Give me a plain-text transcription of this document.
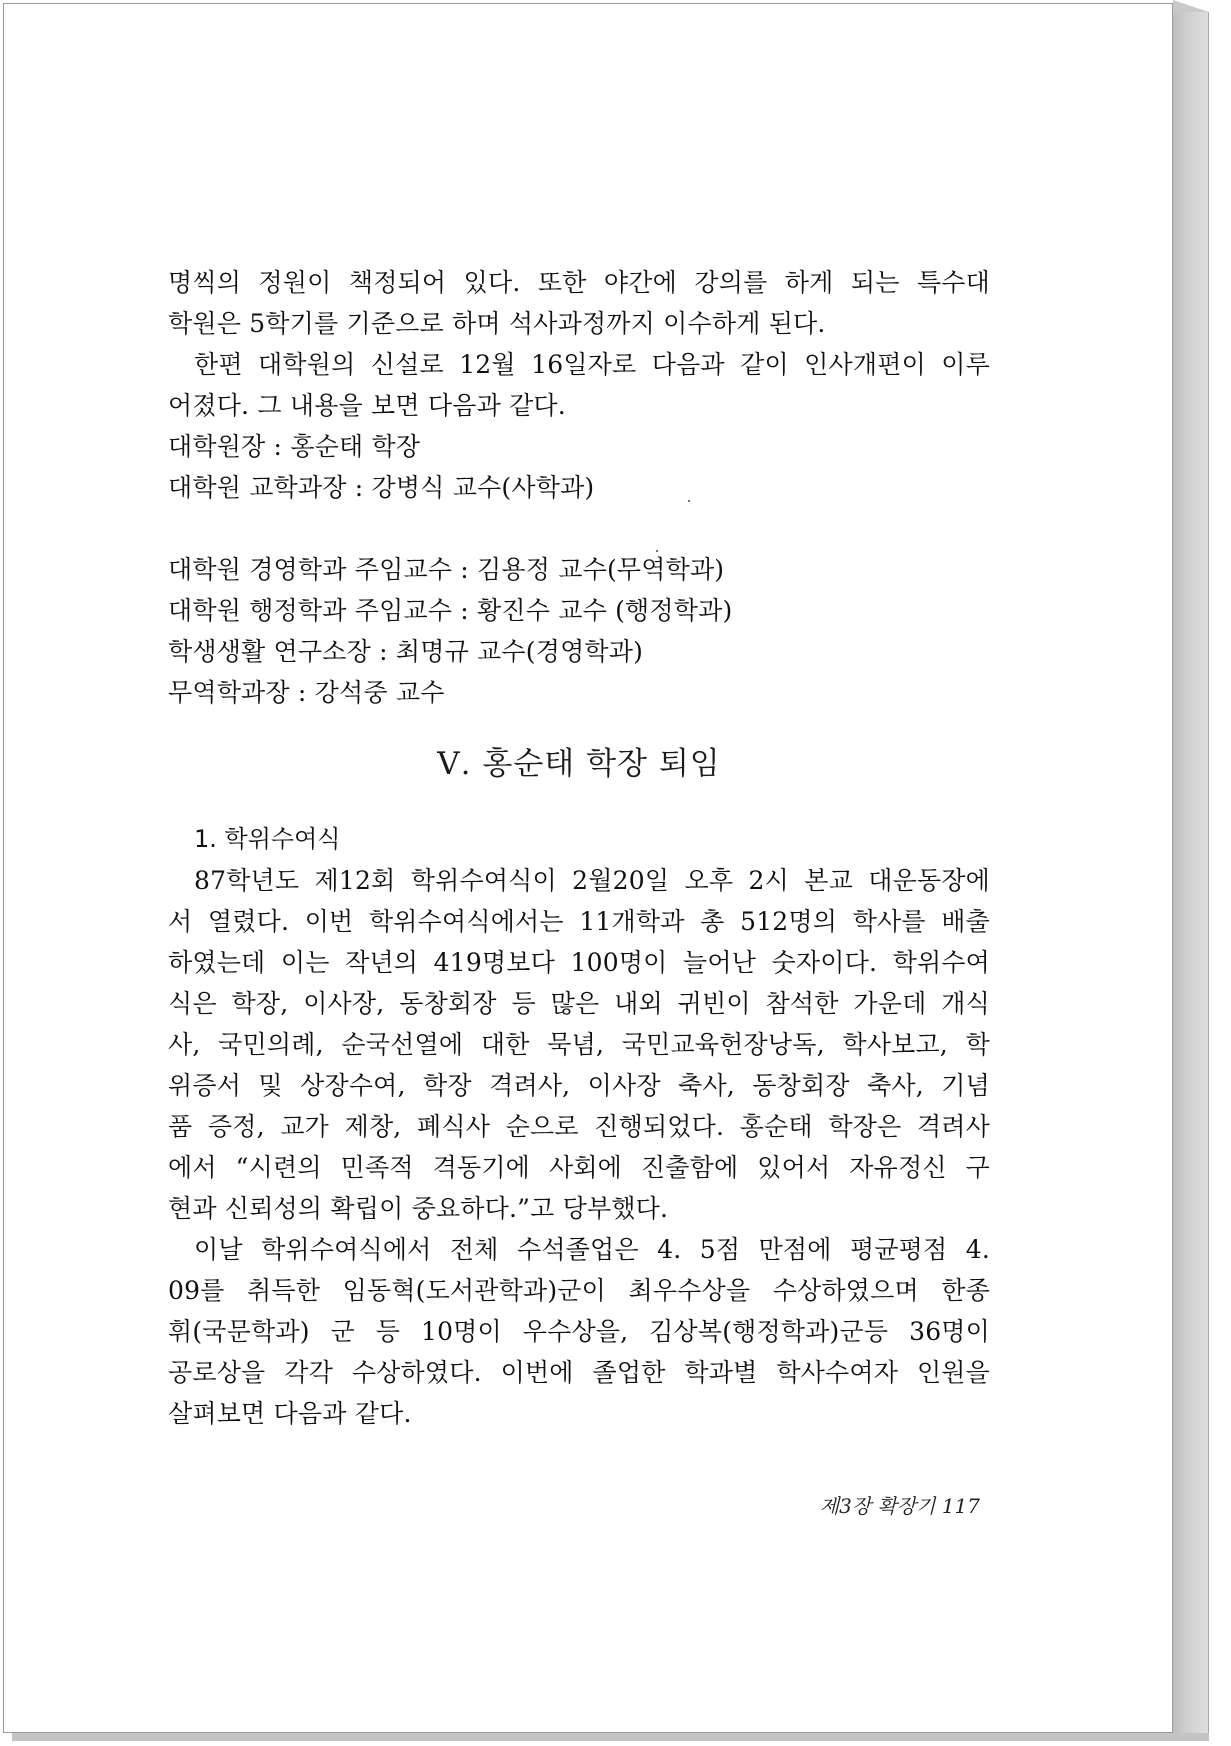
명씩의 정원이 책정되어 있다. 또한 야간에 강의를 하게 되는 특수대
학원은 5학기를 기준으로 하며 석사과정까지 이수하게 된다.
한편 대학원의 신설로 12월 16일자로 다음과 같이 인사개편이 이루
어졌다. 그 내용을 보면 다음과 같다.
대학원장 : 홍순태 학장
대학원 교학과장 : 강병식 교수(사학과)
대학원 경영학과 주임교수 : 김용정 교수(무역학과)
대학원 행정학과 주임교수 : 황진수 교수 (행정학과)
학생생활 연구소장 : 최명규 교수(경영학과)
무역학과장 : 강석중 교수
Ⅴ. 홍순태 학장 퇴임
1. 학위수여식
87학년도 제12회 학위수여식이 2월20일 오후 2시 본교 대운동장에
서 열렸다. 이번 학위수여식에서는 11개학과 총 512명의 학사를 배출
하였는데 이는 작년의 419명보다 100명이 늘어난 숫자이다. 학위수여
식은 학장, 이사장, 동창회장 등 많은 내외 귀빈이 참석한 가운데 개식
사, 국민의례, 순국선열에 대한 묵념, 국민교육헌장낭독, 학사보고, 학
위증서 및 상장수여, 학장 격려사, 이사장 축사, 동창회장 축사, 기념
품 증정, 교가 제창, 폐식사 순으로 진행되었다. 홍순태 학장은 격려사
에서 “시련의 민족적 격동기에 사회에 진출함에 있어서 자유정신 구
현과 신뢰성의 확립이 중요하다.”고 당부했다.
이날 학위수여식에서 전체 수석졸업은 4. 5점 만점에 평균평점 4.
09를 취득한 임동혁(도서관학과)군이 최우수상을 수상하였으며 한종
휘(국문학과) 군 등 10명이 우수상을, 김상복(행정학과)군등 36명이
공로상을 각각 수상하였다. 이번에 졸업한 학과별 학사수여자 인원을
살펴보면 다음과 같다.
제3장 확장기 117
